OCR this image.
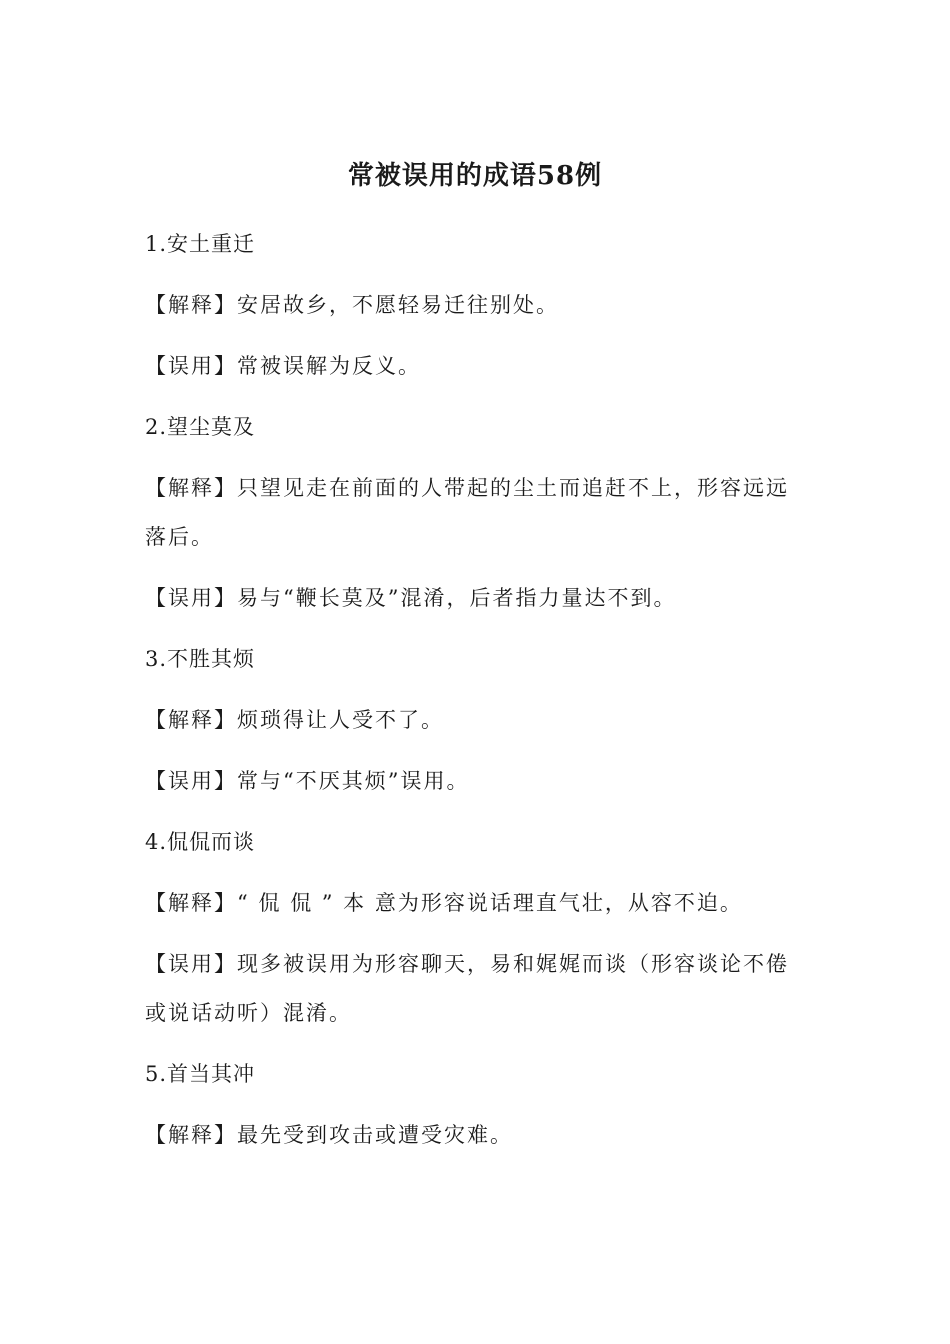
常被误用的成语58例

1.安土重迁

【解释】安居故乡，不愿轻易迁往别处。

【误用】常被误解为反义。

2.望尘莫及

【解释】只望见走在前面的人带起的尘土而追赶不上，形容远远落后。

【误用】易与“鞭长莫及”混淆，后者指力量达不到。

3.不胜其烦

【解释】烦琐得让人受不了。

【误用】常与“不厌其烦”误用。

4.侃侃而谈

【解释】“ 侃 侃 ” 本 意为形容说话理直气壮，从容不迫。

【误用】现多被误用为形容聊天，易和娓娓而谈（形容谈论不倦或说话动听）混淆。

5.首当其冲

【解释】最先受到攻击或遭受灾难。
